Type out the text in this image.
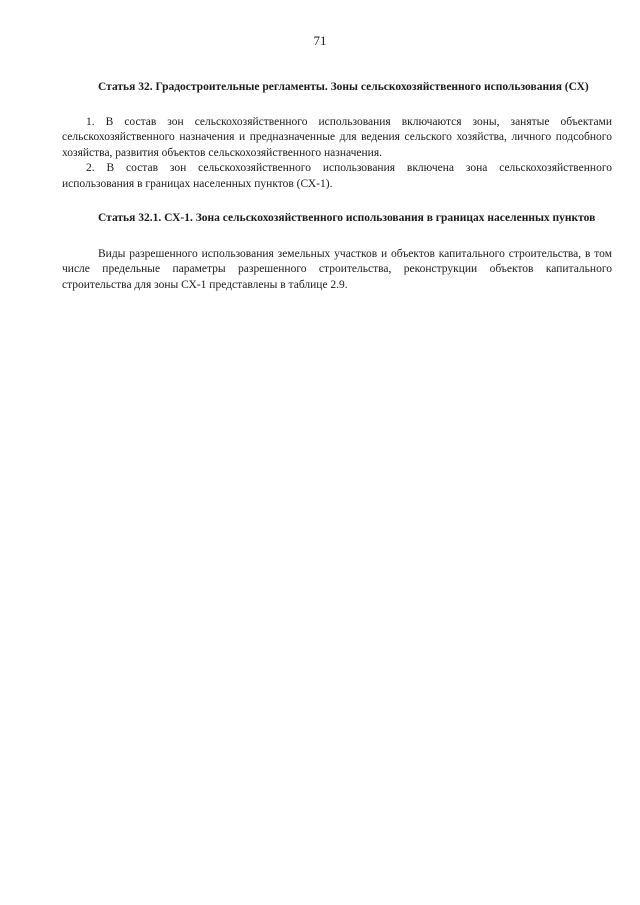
71

Статья 32. Градостроительные регламенты. Зоны сельскохозяйственного использования (СХ)

1. В состав зон сельскохозяйственного использования включаются зоны, занятые объектами сельскохозяйственного назначения и предназначенные для ведения сельского хозяйства, личного подсобного хозяйства, развития объектов сельскохозяйственного назначения.

2. В состав зон сельскохозяйственного использования включена зона сельскохозяйственного использования в границах населенных пунктов (СХ-1).

Статья 32.1. СХ-1. Зона сельскохозяйственного использования в границах населенных пунктов

Виды разрешенного использования земельных участков и объектов капитального строительства, в том числе предельные параметры разрешенного строительства, реконструкции объектов капитального строительства для зоны СХ-1 представлены в таблице 2.9.
